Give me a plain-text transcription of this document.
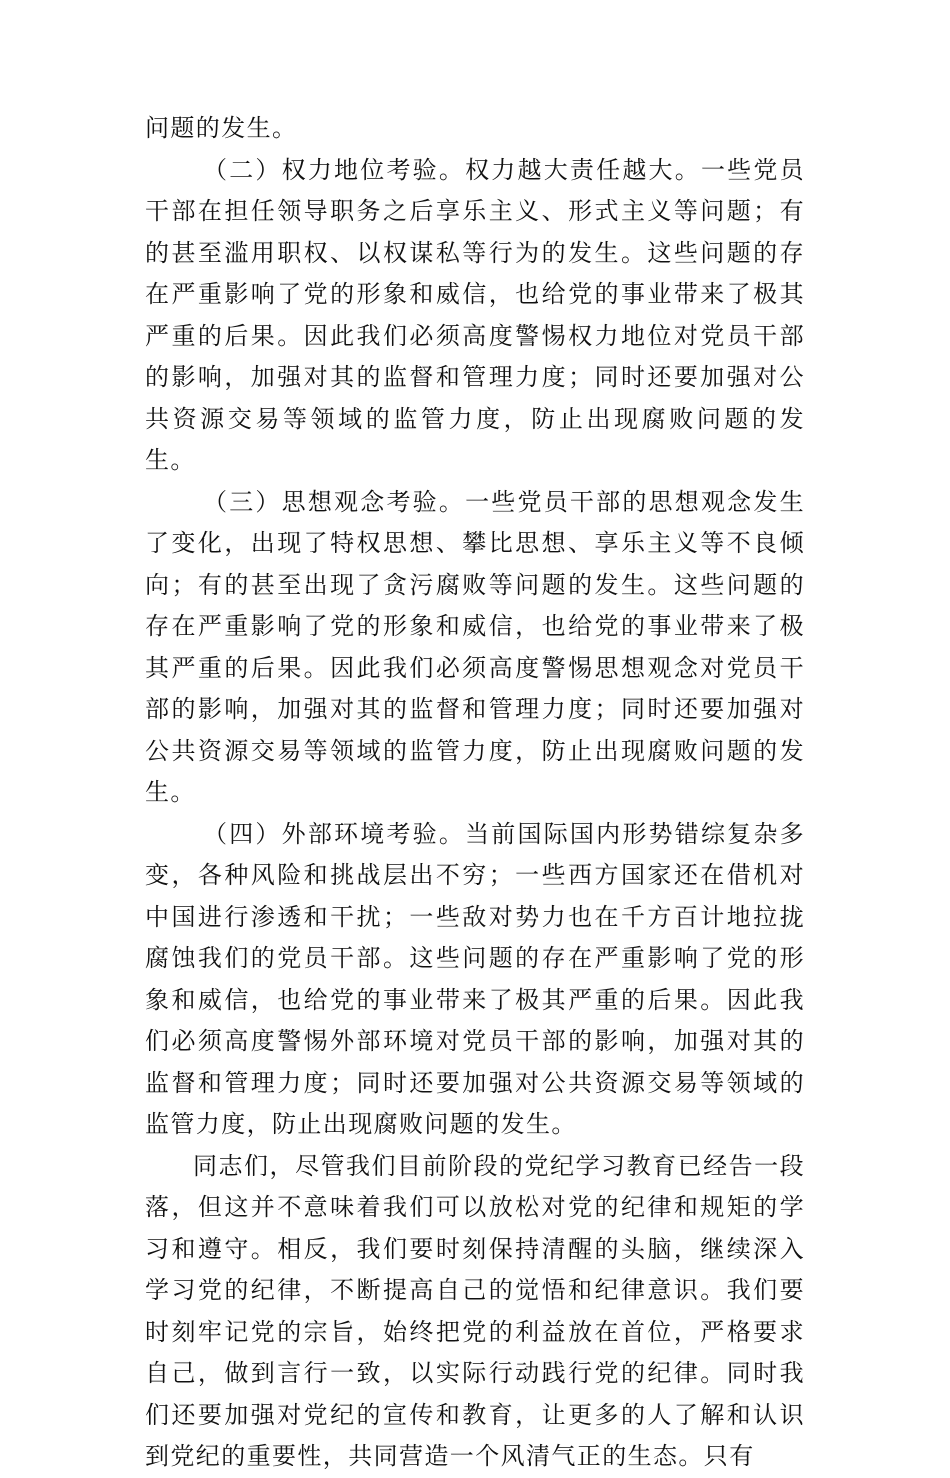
问题的发生。

（二）权力地位考验。权力越大责任越大。一些党员干部在担任领导职务之后享乐主义、形式主义等问题；有的甚至滥用职权、以权谋私等行为的发生。这些问题的存在严重影响了党的形象和威信，也给党的事业带来了极其严重的后果。因此我们必须高度警惕权力地位对党员干部的影响，加强对其的监督和管理力度；同时还要加强对公共资源交易等领域的监管力度，防止出现腐败问题的发生。

（三）思想观念考验。一些党员干部的思想观念发生了变化，出现了特权思想、攀比思想、享乐主义等不良倾向；有的甚至出现了贪污腐败等问题的发生。这些问题的存在严重影响了党的形象和威信，也给党的事业带来了极其严重的后果。因此我们必须高度警惕思想观念对党员干部的影响，加强对其的监督和管理力度；同时还要加强对公共资源交易等领域的监管力度，防止出现腐败问题的发生。

（四）外部环境考验。当前国际国内形势错综复杂多变，各种风险和挑战层出不穷；一些西方国家还在借机对中国进行渗透和干扰；一些敌对势力也在千方百计地拉拢腐蚀我们的党员干部。这些问题的存在严重影响了党的形象和威信，也给党的事业带来了极其严重的后果。因此我们必须高度警惕外部环境对党员干部的影响，加强对其的监督和管理力度；同时还要加强对公共资源交易等领域的监管力度，防止出现腐败问题的发生。

同志们，尽管我们目前阶段的党纪学习教育已经告一段落，但这并不意味着我们可以放松对党的纪律和规矩的学习和遵守。相反，我们要时刻保持清醒的头脑，继续深入学习党的纪律，不断提高自己的觉悟和纪律意识。我们要时刻牢记党的宗旨，始终把党的利益放在首位，严格要求自己，做到言行一致，以实际行动践行党的纪律。同时我们还要加强对党纪的宣传和教育，让更多的人了解和认识到党纪的重要性，共同营造一个风清气正的生态。只有
